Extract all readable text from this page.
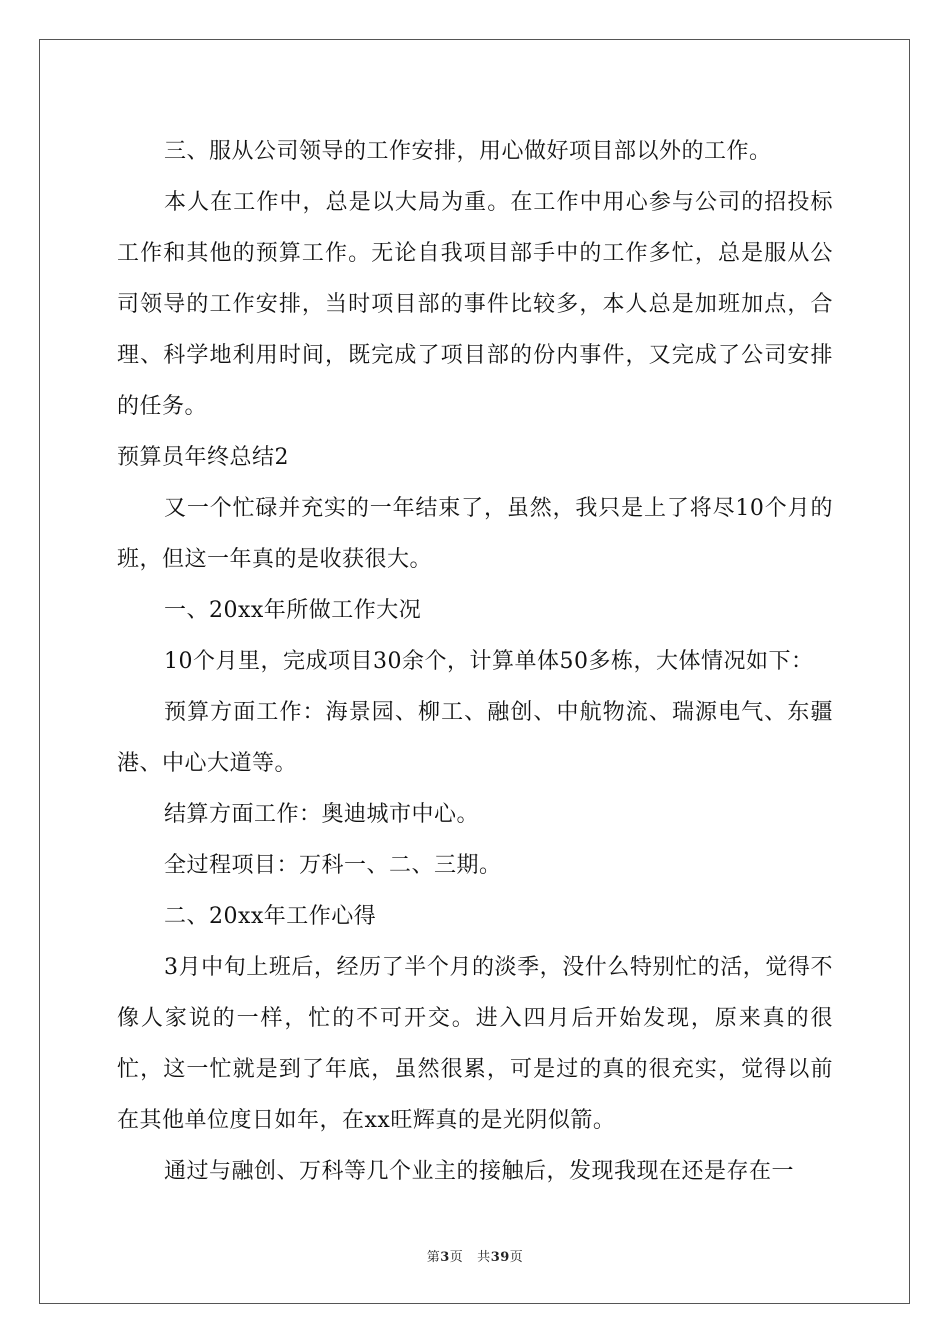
三、服从公司领导的工作安排，用心做好项目部以外的工作。

本人在工作中，总是以大局为重。在工作中用心参与公司的招投标工作和其他的预算工作。无论自我项目部手中的工作多忙，总是服从公司领导的工作安排，当时项目部的事件比较多，本人总是加班加点，合理、科学地利用时间，既完成了项目部的份内事件，又完成了公司安排的任务。

预算员年终总结2

又一个忙碌并充实的一年结束了，虽然，我只是上了将尽10个月的班，但这一年真的是收获很大。

一、20xx年所做工作大况

10个月里，完成项目30余个，计算单体50多栋，大体情况如下：

预算方面工作：海景园、柳工、融创、中航物流、瑞源电气、东疆港、中心大道等。

结算方面工作：奥迪城市中心。

全过程项目：万科一、二、三期。

二、20xx年工作心得

3月中旬上班后，经历了半个月的淡季，没什么特别忙的活，觉得不像人家说的一样，忙的不可开交。进入四月后开始发现，原来真的很忙，这一忙就是到了年底，虽然很累，可是过的真的很充实，觉得以前在其他单位度日如年，在xx旺辉真的是光阴似箭。

通过与融创、万科等几个业主的接触后，发现我现在还是存在一

第3页 共39页
